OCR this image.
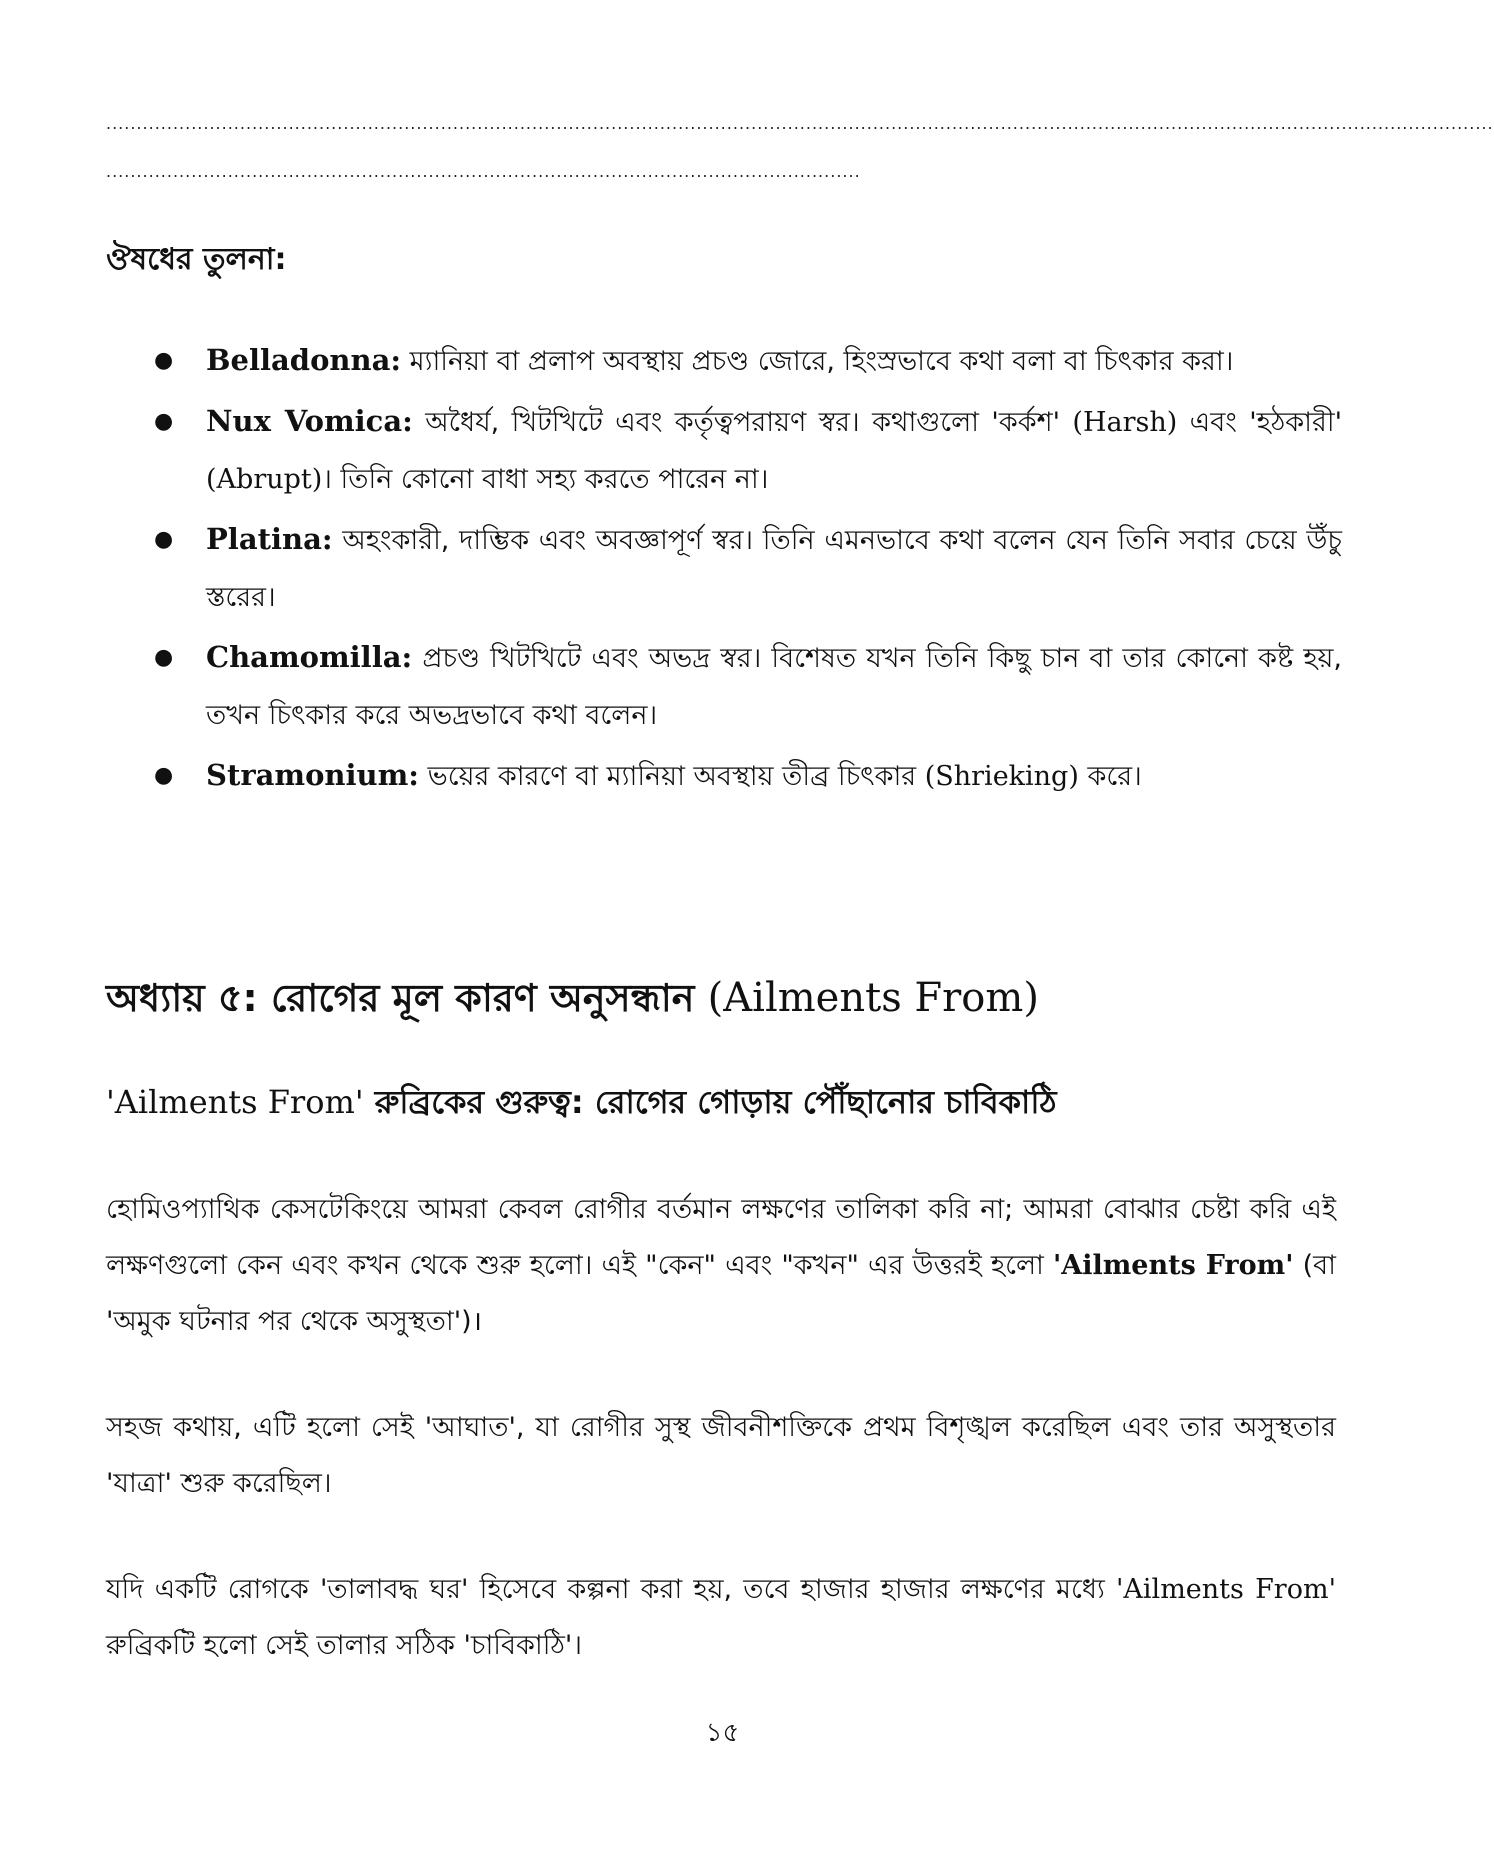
....................................................................................................................................................................................................................................
............................................................................................................................
ঔষধের তুলনা:
● Belladonna: ম্যানিয়া বা প্রলাপ অবস্থায় প্রচণ্ড জোরে, হিংস্রভাবে কথা বলা বা চিৎকার করা।
● Nux Vomica: অধৈর্য, খিটখিটে এবং কর্তৃত্বপরায়ণ স্বর। কথাগুলো 'কর্কশ' (Harsh) এবং 'হঠকারী' (Abrupt)। তিনি কোনো বাধা সহ্য করতে পারেন না।
● Platina: অহংকারী, দাম্ভিক এবং অবজ্ঞাপূর্ণ স্বর। তিনি এমনভাবে কথা বলেন যেন তিনি সবার চেয়ে উঁচু স্তরের।
● Chamomilla: প্রচণ্ড খিটখিটে এবং অভদ্র স্বর। বিশেষত যখন তিনি কিছু চান বা তার কোনো কষ্ট হয়, তখন চিৎকার করে অভদ্রভাবে কথা বলেন।
● Stramonium: ভয়ের কারণে বা ম্যানিয়া অবস্থায় তীব্র চিৎকার (Shrieking) করে।
অধ্যায় ৫: রোগের মূল কারণ অনুসন্ধান (Ailments From)
'Ailments From' রুব্রিকের গুরুত্ব: রোগের গোড়ায় পৌঁছানোর চাবিকাঠি
হোমিওপ্যাথিক কেসটেকিংয়ে আমরা কেবল রোগীর বর্তমান লক্ষণের তালিকা করি না; আমরা বোঝার চেষ্টা করি এই লক্ষণগুলো কেন এবং কখন থেকে শুরু হলো। এই "কেন" এবং "কখন" এর উত্তরই হলো 'Ailments From' (বা 'অমুক ঘটনার পর থেকে অসুস্থতা')।
সহজ কথায়, এটি হলো সেই 'আঘাত', যা রোগীর সুস্থ জীবনীশক্তিকে প্রথম বিশৃঙ্খল করেছিল এবং তার অসুস্থতার 'যাত্রা' শুরু করেছিল।
যদি একটি রোগকে 'তালাবদ্ধ ঘর' হিসেবে কল্পনা করা হয়, তবে হাজার হাজার লক্ষণের মধ্যে 'Ailments From' রুব্রিকটি হলো সেই তালার সঠিক 'চাবিকাঠি'।
১৫
